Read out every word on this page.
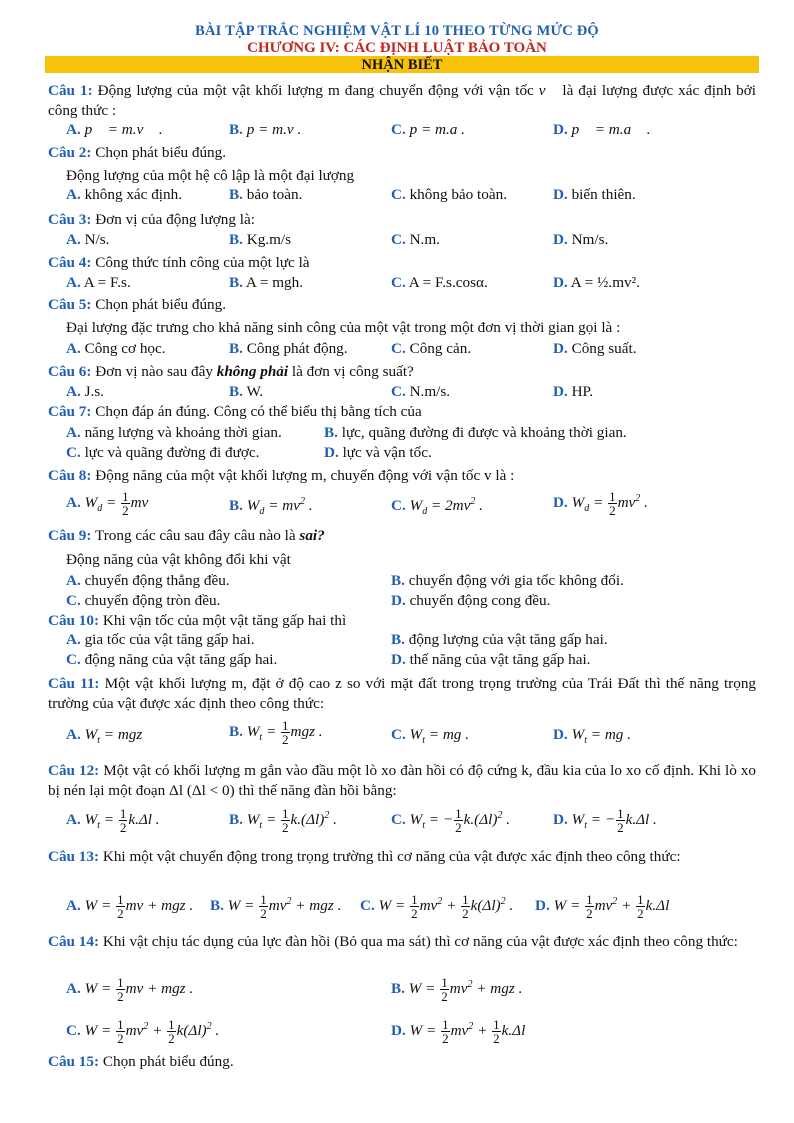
BÀI TẬP TRẮC NGHIỆM VẬT LÍ 10 THEO TỪNG MỨC ĐỘ
CHƯƠNG IV: CÁC ĐỊNH LUẬT BẢO TOÀN
NHẬN BIẾT
Câu 1: Động lượng của một vật khối lượng m đang chuyển động với vận tốc v⃗ là đại lượng được xác định bởi công thức :
A. p⃗ = m.v⃗ .	B. p = m.v .	C. p = m.a .	D. p⃗ = m.a⃗ .
Câu 2: Chọn phát biểu đúng.
Động lượng của một hệ cô lập là một đại lượng
A. không xác định.	B. bảo toàn.	C. không bảo toàn.	D. biến thiên.
Câu 3: Đơn vị của động lượng là:
A. N/s.	B. Kg.m/s	C. N.m.	D. Nm/s.
Câu 4: Công thức tính công của một lực là
A. A = F.s.	B. A = mgh.	C. A = F.s.cosα.	D. A = ½.mv².
Câu 5: Chọn phát biểu đúng.
Đại lượng đặc trưng cho khả năng sinh công của một vật trong một đơn vị thời gian gọi là :
A. Công cơ học.	B. Công phát động.	C. Công cản.	D. Công suất.
Câu 6: Đơn vị nào sau đây không phải là đơn vị công suất?
A. J.s.	B. W.	C. N.m/s.	D. HP.
Câu 7: Chọn đáp án đúng. Công có thể biểu thị bằng tích của
A. năng lượng và khoảng thời gian.	B. lực, quãng đường đi được và khoảng thời gian.
C. lực và quãng đường đi được.	D. lực và vận tốc.
Câu 8: Động năng của một vật khối lượng m, chuyển động với vận tốc v là :
A. $W_d = \frac{1}{2}$ mv	B. $W_d = mv^2$ .	C. $W_d = 2mv^2$ .	D. $W_d = \frac{1}{2} mv^2$ .
Câu 9: Trong các câu sau đây câu nào là sai?
Động năng của vật không đổi khi vật
A. chuyển động thẳng đều.	B. chuyển động với gia tốc không đổi.
C. chuyển động tròn đều.	D. chuyển động cong đều.
Câu 10: Khi vận tốc của một vật tăng gấp hai thì
A. gia tốc của vật tăng gấp hai.	B. động lượng của vật tăng gấp hai.
C. động năng của vật tăng gấp hai.	D. thế năng của vật tăng gấp hai.
Câu 11: Một vật khối lượng m, đặt ở độ cao z so với mặt đất trong trọng trường của Trái Đất thì thế năng trọng trường của vật được xác định theo công thức:
A. $W_t$ = mgz	B. $W_t = \frac{1}{2}$ mgz .	C. $W_t$ = mg .	D. $W_t$ = mg .
Câu 12: Một vật có khối lượng m gắn vào đầu một lò xo đàn hồi có độ cứng k, đầu kia của lo xo cố định. Khi lò xo bị nén lại một đoạn Δl (Δl < 0) thì thế năng đàn hồi bằng:
A. $W_t = \frac{1}{2} k.\Delta l$ .	B. $W_t = \frac{1}{2} k.(\Delta l)^2$ .	C. $W_t$ = − $\frac{1}{2} k.(\Delta l)^2$ .	D. $W_t$ = − $\frac{1}{2} k.\Delta l$ .
Câu 13: Khi một vật chuyển động trong trọng trường thì cơ năng của vật được xác định theo công thức:
A. $W = \frac{1}{2}$ mv + mgz . B. $W = \frac{1}{2} mv^2$ + mgz . C. $W = \frac{1}{2} mv^2 + \frac{1}{2} k(\Delta l)^2$ . D. $W = \frac{1}{2} mv^2 + \frac{1}{2} k.\Delta l$
Câu 14: Khi vật chịu tác dụng của lực đàn hồi (Bỏ qua ma sát) thì cơ năng của vật được xác định theo công thức:
A. $W = \frac{1}{2}$ mv + mgz .	B. $W = \frac{1}{2} mv^2$ + mgz .
C. $W = \frac{1}{2} mv^2 + \frac{1}{2} k(\Delta l)^2$ .	D. $W = \frac{1}{2} mv^2 + \frac{1}{2} k.\Delta l$
Câu 15: Chọn phát biểu đúng.
